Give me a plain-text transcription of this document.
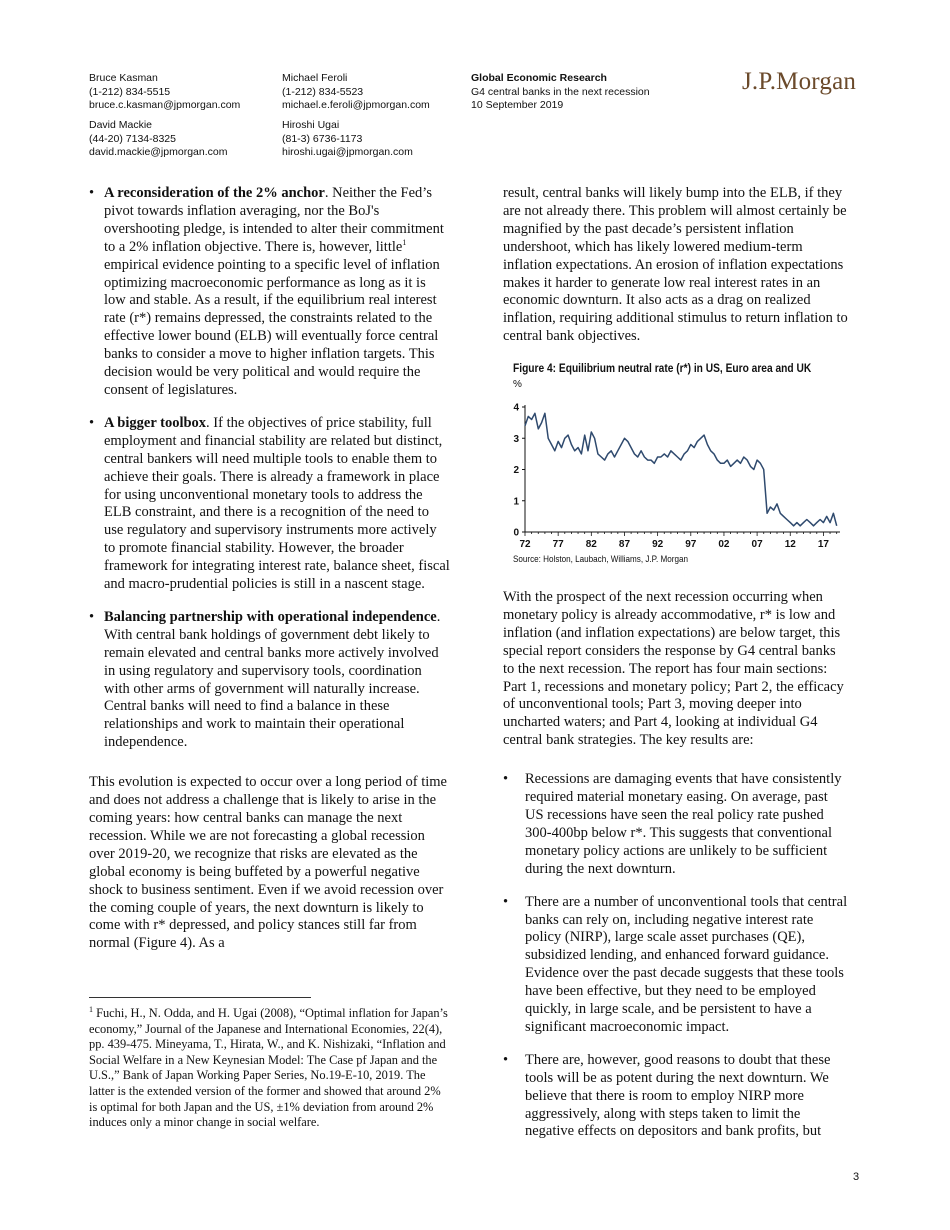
Bruce Kasman
(1-212) 834-5515
bruce.c.kasman@jpmorgan.com
Michael Feroli
(1-212) 834-5523
michael.e.feroli@jpmorgan.com
David Mackie
(44-20) 7134-8325
david.mackie@jpmorgan.com
Hiroshi Ugai
(81-3) 6736-1173
hiroshi.ugai@jpmorgan.com
Global Economic Research
G4 central banks in the next recession
10 September 2019
J.P.Morgan
• A reconsideration of the 2% anchor. Neither the Fed’s pivot towards inflation averaging, nor the BoJ's overshooting pledge, is intended to alter their commitment to a 2% inflation objective. There is, however, little$^1$ empirical evidence pointing to a specific level of inflation optimizing macroeconomic performance as long as it is low and stable. As a result, if the equilibrium real interest rate (r*) remains depressed, the constraints related to the effective lower bound (ELB) will eventually force central banks to consider a move to higher inflation targets. This decision would be very political and would require the consent of legislatures.
• A bigger toolbox. If the objectives of price stability, full employment and financial stability are related but distinct, central bankers will need multiple tools to enable them to achieve their goals. There is already a framework in place for using unconventional monetary tools to address the ELB constraint, and there is a recognition of the need to use regulatory and supervisory instruments more actively to promote financial stability. However, the broader framework for integrating interest rate, balance sheet, fiscal and macro-prudential policies is still in a nascent stage.
• Balancing partnership with operational independence. With central bank holdings of government debt likely to remain elevated and central banks more actively involved in using regulatory and supervisory tools, coordination with other arms of government will naturally increase. Central banks will need to find a balance in these relationships and work to maintain their operational independence.

This evolution is expected to occur over a long period of time and does not address a challenge that is likely to arise in the coming years: how central banks can manage the next recession. While we are not forecasting a global recession over 2019-20, we recognize that risks are elevated as the global economy is being buffeted by a powerful negative shock to business sentiment. Even if we avoid recession over the coming couple of years, the next downturn is likely to come with r* depressed, and policy stances still far from normal (Figure 4). As a

$^1$ Fuchi, H., N. Odda, and H. Ugai (2008), “Optimal inflation for Japan’s economy,” Journal of the Japanese and International Economies, 22(4), pp. 439-475. Mineyama, T., Hirata, W., and K. Nishizaki, “Inflation and Social Welfare in a New Keynesian Model: The Case pf Japan and the U.S.,” Bank of Japan Working Paper Series, No.19-E-10, 2019. The latter is the extended version of the former and showed that around 2% is optimal for both Japan and the US, ±1% deviation from around 2% induces only a minor change in social welfare.

result, central banks will likely bump into the ELB, if they are not already there. This problem will almost certainly be magnified by the past decade’s persistent inflation undershoot, which has likely lowered medium-term inflation expectations. An erosion of inflation expectations makes it harder to generate low real interest rates in an economic downturn. It also acts as a drag on realized inflation, requiring additional stimulus to return inflation to central bank objectives.

Figure 4: Equilibrium neutral rate (r*) in US, Euro area and UK
%
0
1
2
3
4
72 77 82 87 92 97 02 07 12 17
Source: Holston, Laubach, Williams, J.P. Morgan

With the prospect of the next recession occurring when monetary policy is already accommodative, r* is low and inflation (and inflation expectations) are below target, this special report considers the response by G4 central banks to the next recession. The report has four main sections: Part 1, recessions and monetary policy; Part 2, the efficacy of unconventional tools; Part 3, moving deeper into uncharted waters; and Part 4, looking at individual G4 central bank strategies. The key results are:

• Recessions are damaging events that have consistently required material monetary easing. On average, past US recessions have seen the real policy rate pushed 300-400bp below r*. This suggests that conventional monetary policy actions are unlikely to be sufficient during the next downturn.
• There are a number of unconventional tools that central banks can rely on, including negative interest rate policy (NIRP), large scale asset purchases (QE), subsidized lending, and enhanced forward guidance. Evidence over the past decade suggests that these tools have been effective, but they need to be employed quickly, in large scale, and be persistent to have a significant macroeconomic impact.
• There are, however, good reasons to doubt that these tools will be as potent during the next downturn. We believe that there is room to employ NIRP more aggressively, along with steps taken to limit the negative effects on depositors and bank profits, but
3
